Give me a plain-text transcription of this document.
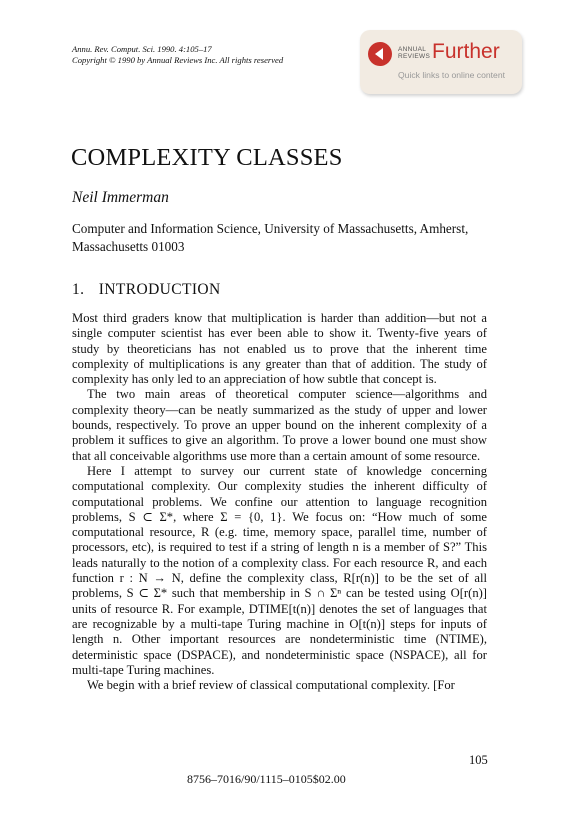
Annu. Rev. Comput. Sci. 1990. 4:105–17
Copyright © 1990 by Annual Reviews Inc. All rights reserved
ANNUAL
REVIEWS Further
Quick links to online content
COMPLEXITY CLASSES
Neil Immerman
Computer and Information Science, University of Massachusetts, Amherst, Massachusetts 01003
1. INTRODUCTION

Most third graders know that multiplication is harder than addition—but not a single computer scientist has ever been able to show it. Twenty-five years of study by theoreticians has not enabled us to prove that the inherent time complexity of multiplications is any greater than that of addition. The study of complexity has only led to an appreciation of how subtle that concept is.

The two main areas of theoretical computer science—algorithms and complexity theory—can be neatly summarized as the study of upper and lower bounds, respectively. To prove an upper bound on the inherent complexity of a problem it suffices to give an algorithm. To prove a lower bound one must show that all conceivable algorithms use more than a certain amount of some resource.

Here I attempt to survey our current state of knowledge concerning computational complexity. Our complexity studies the inherent difficulty of computational problems. We confine our attention to language recognition problems, S ⊂ Σ*, where Σ = {0, 1}. We focus on: “How much of some computational resource, R (e.g. time, memory space, parallel time, number of processors, etc), is required to test if a string of length n is a member of S?” This leads naturally to the notion of a complexity class. For each resource R, and each function r : N → N, define the complexity class, R[r(n)] to be the set of all problems, S ⊂ Σ* such that membership in S ∩ Σⁿ can be tested using O[r(n)] units of resource R. For example, DTIME[t(n)] denotes the set of languages that are recognizable by a multi-tape Turing machine in O[t(n)] steps for inputs of length n. Other important resources are nondeterministic time (NTIME), deterministic space (DSPACE), and nondeterministic space (NSPACE), all for multi-tape Turing machines.

We begin with a brief review of classical computational complexity. [For

105
8756–7016/90/1115–0105$02.00
